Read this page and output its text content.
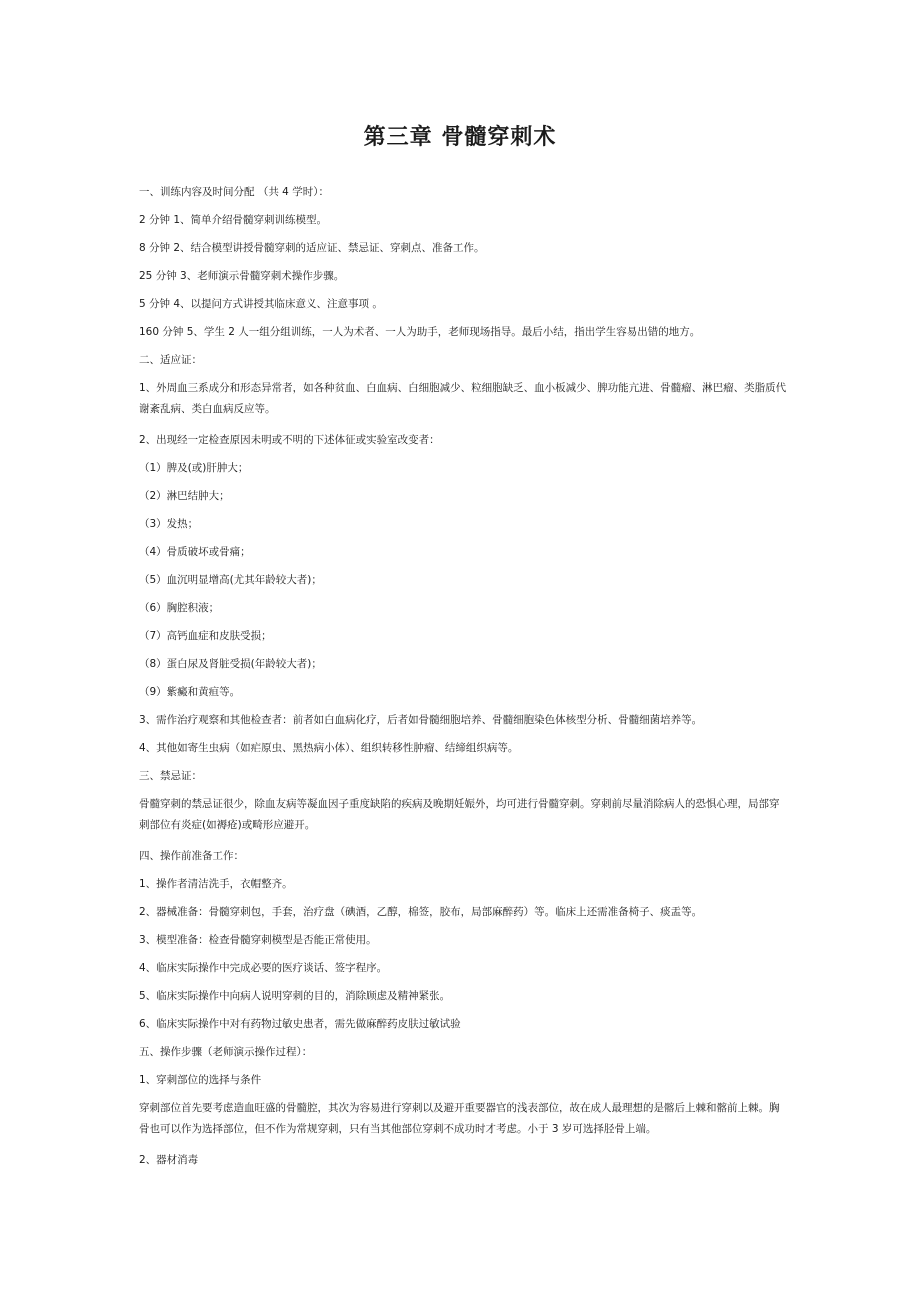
第三章 骨髓穿刺术

一、训练内容及时间分配 （共 4 学时）：

2 分钟 1、简单介绍骨髓穿刺训练模型。

8 分钟 2、结合模型讲授骨髓穿刺的适应证、禁忌证、穿刺点、准备工作。

25 分钟 3、老师演示骨髓穿刺术操作步骤。

5 分钟 4、以提问方式讲授其临床意义、注意事项 。

160 分钟 5、学生 2 人一组分组训练，一人为术者、一人为助手，老师现场指导。最后小结，指出学生容易出错的地方。

二、适应证：

1、外周血三系成分和形态异常者，如各种贫血、白血病、白细胞减少、粒细胞缺乏、血小板减少、脾功能亢进、骨髓瘤、淋巴瘤、类脂质代谢紊乱病、类白血病反应等。

2、出现经一定检查原因未明或不明的下述体征或实验室改变者：

（1）脾及(或)肝肿大；

（2）淋巴结肿大；

（3）发热；

（4）骨质破坏或骨痛；

（5）血沉明显增高(尤其年龄较大者)；

（6）胸腔积液；

（7）高钙血症和皮肤受损；

（8）蛋白尿及肾脏受损(年龄较大者)；

（9）紫癜和黄疸等。

3、需作治疗观察和其他检查者：前者如白血病化疗，后者如骨髓细胞培养、骨髓细胞染色体核型分析、骨髓细菌培养等。

4、其他如寄生虫病（如疟原虫、黑热病小体）、组织转移性肿瘤、结缔组织病等。

三、禁忌证：

骨髓穿刺的禁忌证很少，除血友病等凝血因子重度缺陷的疾病及晚期妊娠外，均可进行骨髓穿刺。穿刺前尽量消除病人的恐惧心理，局部穿刺部位有炎症(如褥疮)或畸形应避开。

四、操作前准备工作：

1、操作者清洁洗手，衣帽整齐。

2、器械准备：骨髓穿刺包，手套，治疗盘（碘酒，乙醇，棉签，胶布，局部麻醉药）等。临床上还需准备椅子、痰盂等。

3、模型准备：检查骨髓穿刺模型是否能正常使用。

4、临床实际操作中完成必要的医疗谈话、签字程序。

5、临床实际操作中向病人说明穿刺的目的，消除顾虑及精神紧张。

6、临床实际操作中对有药物过敏史患者，需先做麻醉药皮肤过敏试验

五、操作步骤（老师演示操作过程）：

1、穿刺部位的选择与条件

穿刺部位首先要考虑造血旺盛的骨髓腔，其次为容易进行穿刺以及避开重要器官的浅表部位，故在成人最理想的是髂后上棘和髂前上棘。胸骨也可以作为选择部位，但不作为常规穿刺，只有当其他部位穿刺不成功时才考虑。小于 3 岁可选择胫骨上端。

2、器材消毒
